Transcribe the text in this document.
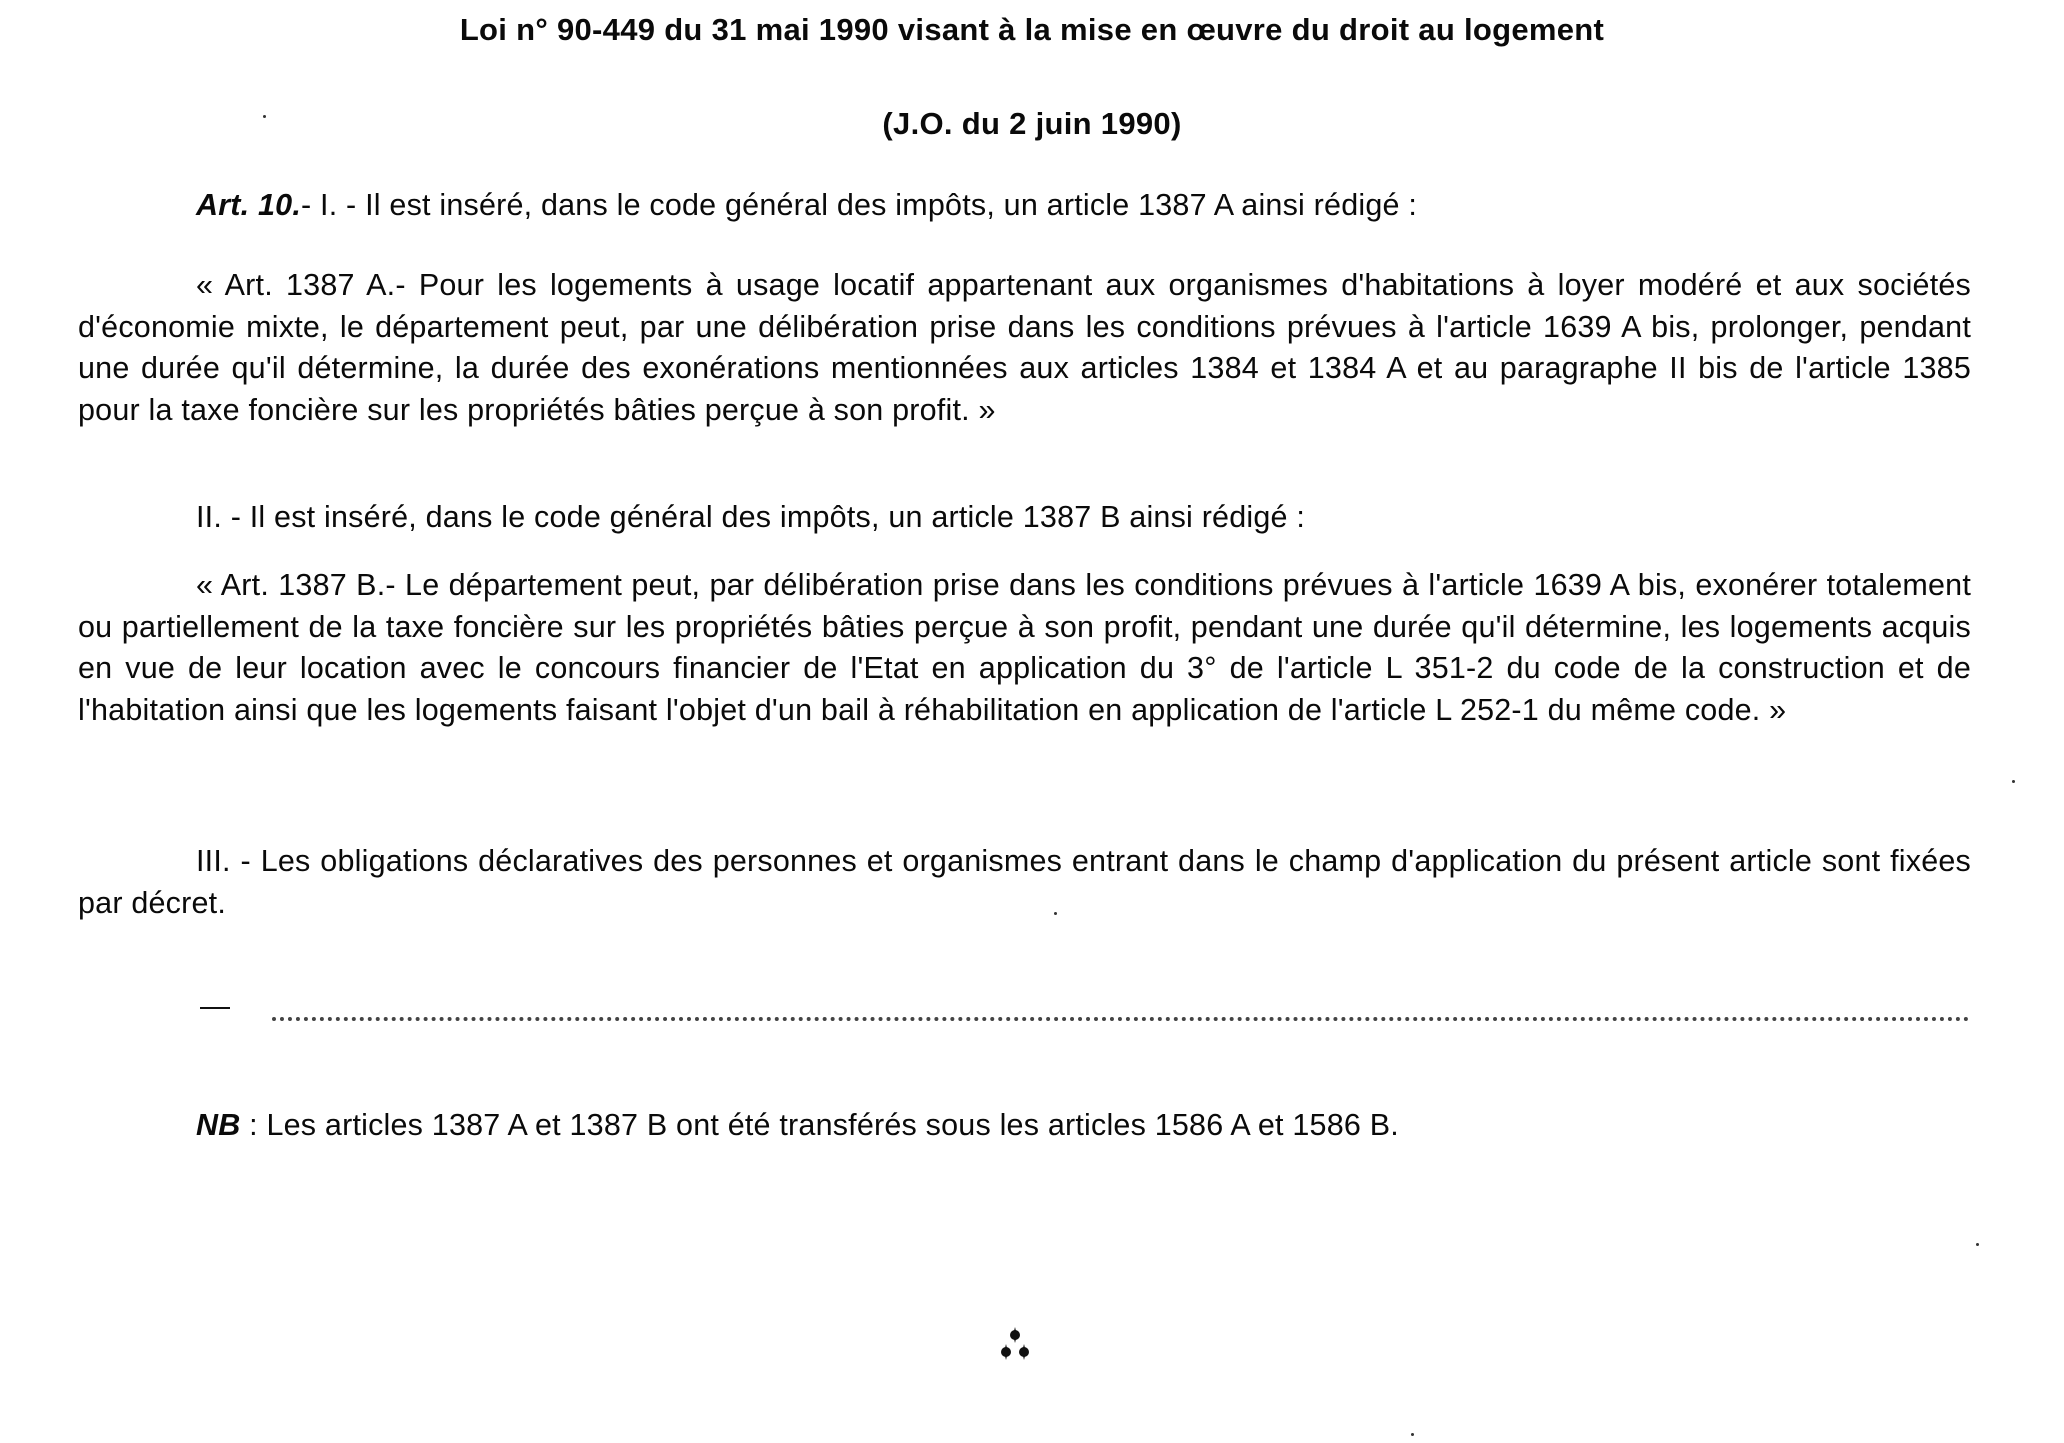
Loi n° 90-449 du 31 mai 1990 visant à la mise en œuvre du droit au logement
(J.O. du 2 juin 1990)

Art. 10.- I. - Il est inséré, dans le code général des impôts, un article 1387 A ainsi rédigé :

« Art. 1387 A.- Pour les logements à usage locatif appartenant aux organismes d'habitations à loyer modéré et aux sociétés d'économie mixte, le département peut, par une délibération prise dans les conditions prévues à l'article 1639 A bis, prolonger, pendant une durée qu'il détermine, la durée des exonérations mentionnées aux articles 1384 et 1384 A et au paragraphe II bis de l'article 1385 pour la taxe foncière sur les propriétés bâties perçue à son profit. »

II. - Il est inséré, dans le code général des impôts, un article 1387 B ainsi rédigé :

« Art. 1387 B.- Le département peut, par délibération prise dans les conditions prévues à l'article 1639 A bis, exonérer totalement ou partiellement de la taxe foncière sur les propriétés bâties perçue à son profit, pendant une durée qu'il détermine, les logements acquis en vue de leur location avec le concours financier de l'Etat en application du 3° de l'article L 351-2 du code de la construction et de l'habitation ainsi que les logements faisant l'objet d'un bail à réhabilitation en application de l'article L 252-1 du même code. »

III. - Les obligations déclaratives des personnes et organismes entrant dans le champ d'application du présent article sont fixées par décret.

NB : Les articles 1387 A et 1387 B ont été transférés sous les articles 1586 A et 1586 B.
